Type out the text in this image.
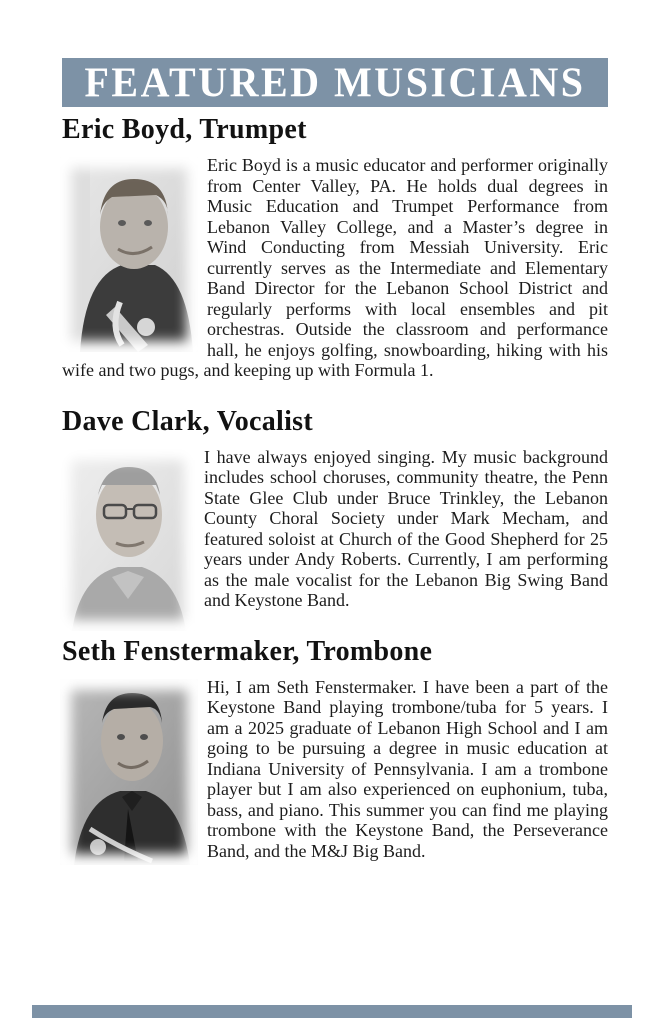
FEATURED MUSICIANS
Eric Boyd, Trumpet

Eric Boyd is a music educator and performer originally from Center Valley, PA. He holds dual degrees in Music Education and Trumpet Performance from Lebanon Valley College, and a Master’s degree in Wind Conducting from Messiah University. Eric currently serves as the Intermediate and Elementary Band Director for the Lebanon School District and regularly performs with local ensembles and pit orchestras. Outside the classroom and performance hall, he enjoys golfing, snowboarding, hiking with his wife and two pugs, and keeping up with Formula 1.

Dave Clark, Vocalist

I have always enjoyed singing. My music background includes school choruses, community theatre, the Penn State Glee Club under Bruce Trinkley, the Lebanon County Choral Society under Mark Mecham, and featured soloist at Church of the Good Shepherd for 25 years under Andy Roberts. Currently, I am performing as the male vocalist for the Lebanon Big Swing Band and Keystone Band.

Seth Fenstermaker, Trombone

Hi, I am Seth Fenstermaker. I have been a part of the Keystone Band playing trombone/tuba for 5 years. I am a 2025 graduate of Lebanon High School and I am going to be pursuing a degree in music education at Indiana University of Pennsylvania. I am a trombone player but I am also experienced on euphonium, tuba, bass, and piano. This summer you can find me playing trombone with the Keystone Band, the Perseverance Band, and the M&J Big Band.
